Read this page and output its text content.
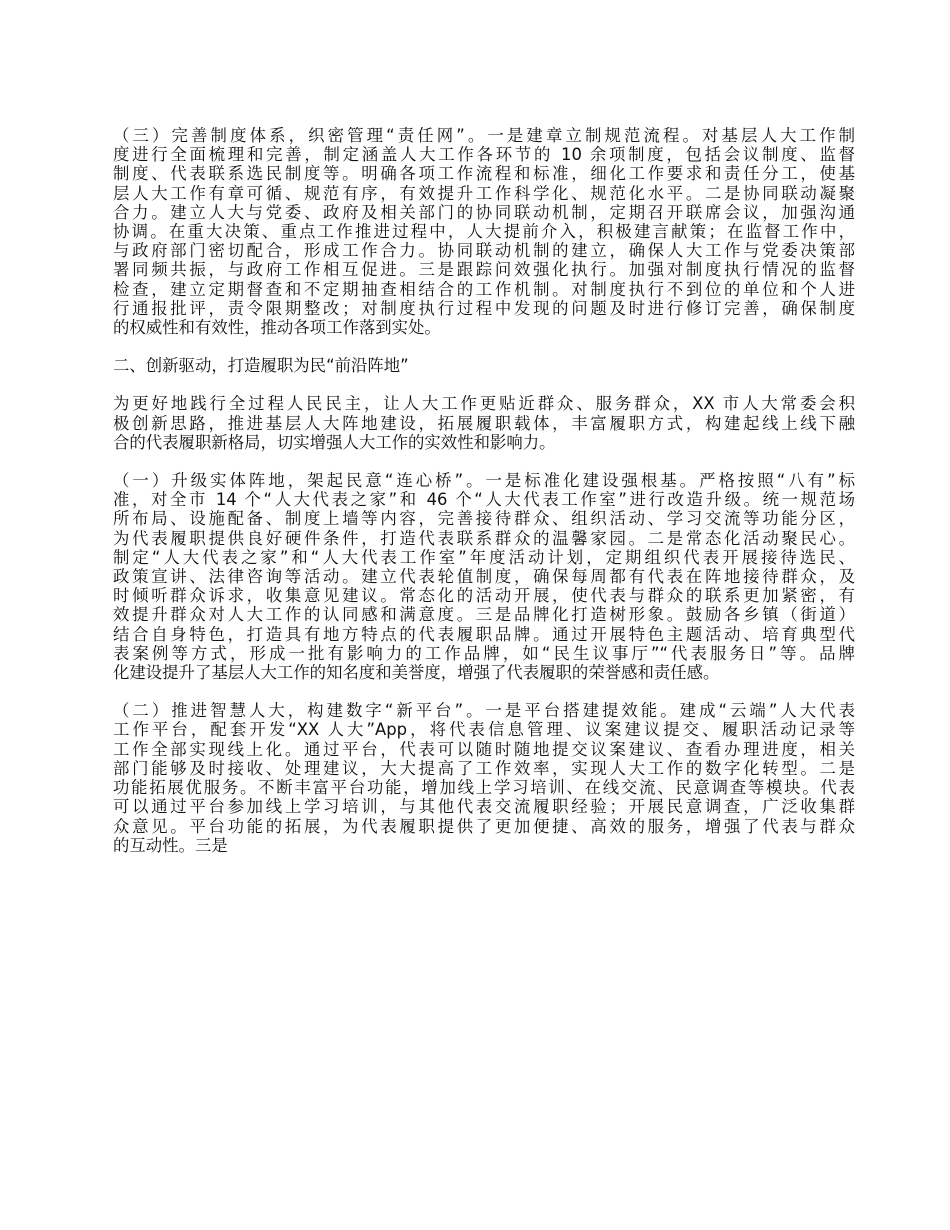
（三）完善制度体系，织密管理“责任网”。一是建章立制规范流程。对基层人大工作制
度进行全面梳理和完善，制定涵盖人大工作各环节的 10 余项制度，包括会议制度、监督
制度、代表联系选民制度等。明确各项工作流程和标准，细化工作要求和责任分工，使基
层人大工作有章可循、规范有序，有效提升工作科学化、规范化水平。二是协同联动凝聚
合力。建立人大与党委、政府及相关部门的协同联动机制，定期召开联席会议，加强沟通
协调。在重大决策、重点工作推进过程中，人大提前介入，积极建言献策；在监督工作中，
与政府部门密切配合，形成工作合力。协同联动机制的建立，确保人大工作与党委决策部
署同频共振，与政府工作相互促进。三是跟踪问效强化执行。加强对制度执行情况的监督
检查，建立定期督查和不定期抽查相结合的工作机制。对制度执行不到位的单位和个人进
行通报批评，责令限期整改；对制度执行过程中发现的问题及时进行修订完善，确保制度
的权威性和有效性，推动各项工作落到实处。
二、创新驱动，打造履职为民“前沿阵地”
为更好地践行全过程人民民主，让人大工作更贴近群众、服务群众，XX 市人大常委会积
极创新思路，推进基层人大阵地建设，拓展履职载体，丰富履职方式，构建起线上线下融
合的代表履职新格局，切实增强人大工作的实效性和影响力。
（一）升级实体阵地，架起民意“连心桥”。一是标准化建设强根基。严格按照“八有”标
准，对全市 14 个“人大代表之家”和 46 个“人大代表工作室”进行改造升级。统一规范场
所布局、设施配备、制度上墙等内容，完善接待群众、组织活动、学习交流等功能分区，
为代表履职提供良好硬件条件，打造代表联系群众的温馨家园。二是常态化活动聚民心。
制定“人大代表之家”和“人大代表工作室”年度活动计划，定期组织代表开展接待选民、
政策宣讲、法律咨询等活动。建立代表轮值制度，确保每周都有代表在阵地接待群众，及
时倾听群众诉求，收集意见建议。常态化的活动开展，使代表与群众的联系更加紧密，有
效提升群众对人大工作的认同感和满意度。三是品牌化打造树形象。鼓励各乡镇（街道）
结合自身特色，打造具有地方特点的代表履职品牌。通过开展特色主题活动、培育典型代
表案例等方式，形成一批有影响力的工作品牌，如“民生议事厅”“代表服务日”等。品牌
化建设提升了基层人大工作的知名度和美誉度，增强了代表履职的荣誉感和责任感。
（二）推进智慧人大，构建数字“新平台”。一是平台搭建提效能。建成“云端”人大代表
工作平台，配套开发“XX 人大”App，将代表信息管理、议案建议提交、履职活动记录等
工作全部实现线上化。通过平台，代表可以随时随地提交议案建议、查看办理进度，相关
部门能够及时接收、处理建议，大大提高了工作效率，实现人大工作的数字化转型。二是
功能拓展优服务。不断丰富平台功能，增加线上学习培训、在线交流、民意调查等模块。代表
可以通过平台参加线上学习培训，与其他代表交流履职经验；开展民意调查，广泛收集群
众意见。平台功能的拓展，为代表履职提供了更加便捷、高效的服务，增强了代表与群众
的互动性。三是
